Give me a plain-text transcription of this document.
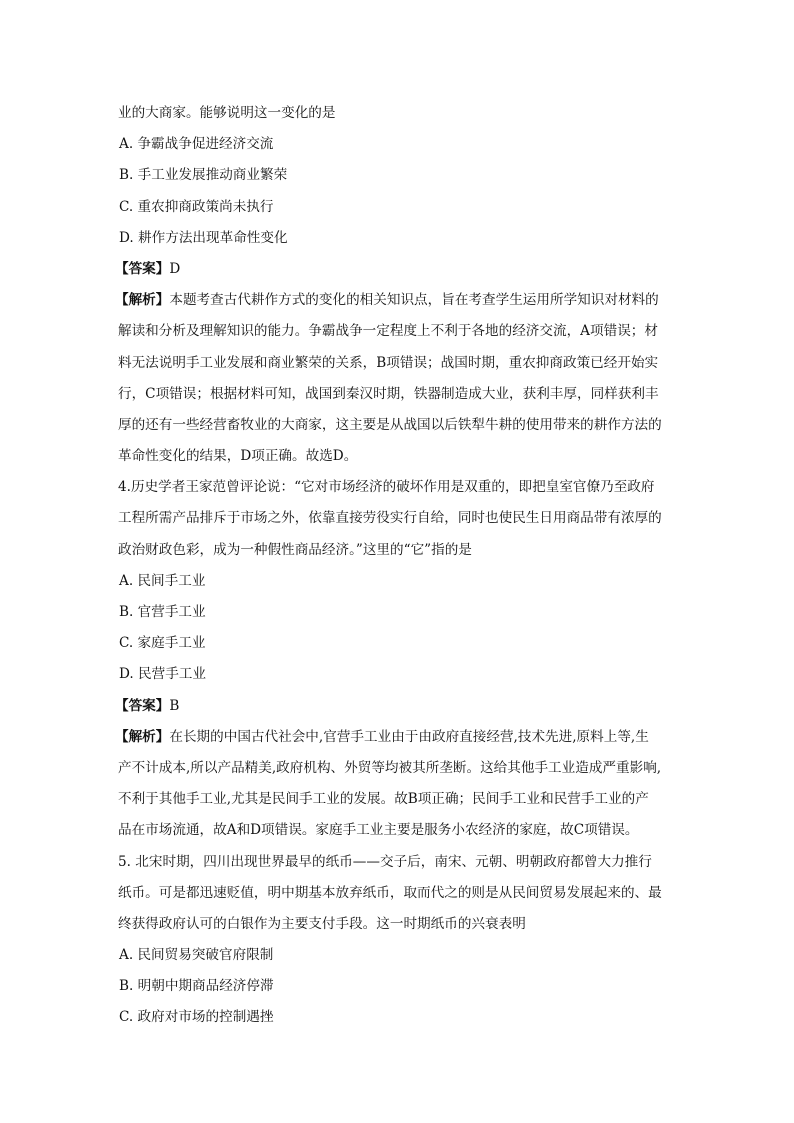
业的大商家。能够说明这一变化的是
A. 争霸战争促进经济交流
B. 手工业发展推动商业繁荣
C. 重农抑商政策尚未执行
D. 耕作方法出现革命性变化
【答案】D
【解析】本题考查古代耕作方式的变化的相关知识点，旨在考查学生运用所学知识对材料的
解读和分析及理解知识的能力。争霸战争一定程度上不利于各地的经济交流，A项错误；材
料无法说明手工业发展和商业繁荣的关系，B项错误；战国时期，重农抑商政策已经开始实
行，C项错误；根据材料可知，战国到秦汉时期，铁器制造成大业，获利丰厚，同样获利丰
厚的还有一些经营畜牧业的大商家，这主要是从战国以后铁犁牛耕的使用带来的耕作方法的
革命性变化的结果，D项正确。故选D。
4.历史学者王家范曾评论说：“它对市场经济的破坏作用是双重的，即把皇室官僚乃至政府
工程所需产品排斥于市场之外，依靠直接劳役实行自给，同时也使民生日用商品带有浓厚的
政治财政色彩，成为一种假性商品经济。”这里的“它”指的是
A. 民间手工业
B. 官营手工业
C. 家庭手工业
D. 民营手工业
【答案】B
【解析】在长期的中国古代社会中,官营手工业由于由政府直接经营,技术先进,原料上等,生
产不计成本,所以产品精美,政府机构、外贸等均被其所垄断。这给其他手工业造成严重影响,
不利于其他手工业,尤其是民间手工业的发展。故B项正确；民间手工业和民营手工业的产
品在市场流通，故A和D项错误。家庭手工业主要是服务小农经济的家庭，故C项错误。
5. 北宋时期，四川出现世界最早的纸币——交子后，南宋、元朝、明朝政府都曾大力推行
纸币。可是都迅速贬值，明中期基本放弃纸币，取而代之的则是从民间贸易发展起来的、最
终获得政府认可的白银作为主要支付手段。这一时期纸币的兴衰表明
A. 民间贸易突破官府限制
B. 明朝中期商品经济停滞
C. 政府对市场的控制遇挫
